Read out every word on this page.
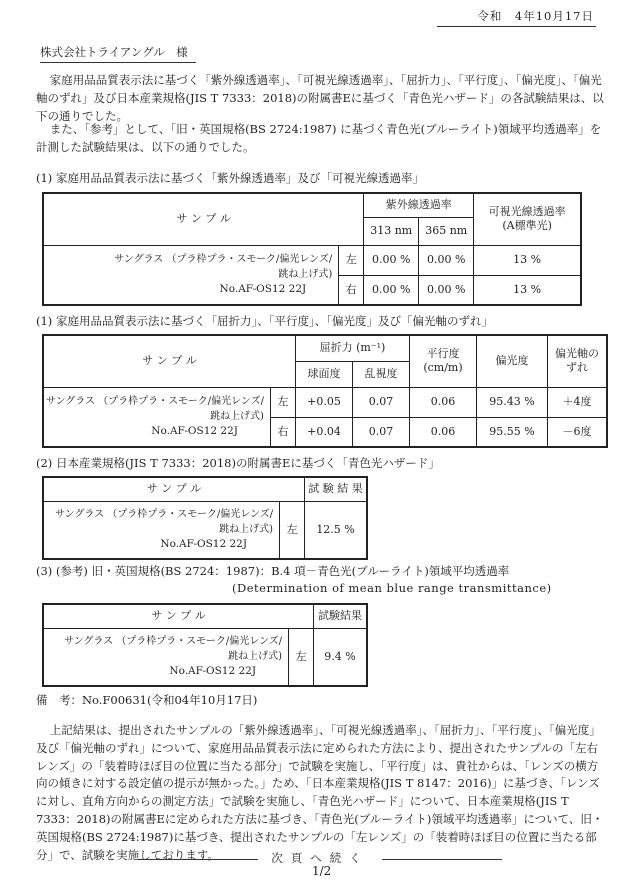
令和　4年10月17日
株式会社トライアングル　様
家庭用品品質表示法に基づく「紫外線透過率」、「可視光線透過率」、「屈折力」、「平行度」、「偏光度」、「偏光軸のずれ」及び日本産業規格(JIS T 7333：2018)の附属書Eに基づく「青色光ハザード」の各試験結果は、以下の通りでした。
また、「参考」として、「旧・英国規格(BS 2724:1987) に基づく青色光(ブルーライト)領域平均透過率」を計測した試験結果は、以下の通りでした。
(1) 家庭用品品質表示法に基づく「紫外線透過率」及び「可視光線透過率」
サ ン プ ル		紫外線透過率		可視光線透過率
(A標準光)

		313 nm	365 nm	

サングラス （プラ枠プラ・スモーク/偏光レンズ/
跳ね上げ式)
No.AF-OS12 22J	左	0.00 %	0.00 %	13 %
	右	0.00 %	0.00 %	13 %
(1) 家庭用品品質表示法に基づく「屈折力」、「平行度」、「偏光度」及び「偏光軸のずれ」
サ ン プ ル		屈折力 (m⁻¹)		平行度
(cm/m)	偏光度	偏光軸のずれ
		球面度	乱視度			

サングラス （プラ枠プラ・スモーク/偏光レンズ/
跳ね上げ式)
No.AF-OS12 22J	左	+0.05	0.07	0.06	95.43 %	＋4度
	右	+0.04	0.07	0.06	95.55 %	－6度
(2) 日本産業規格(JIS T 7333：2018)の附属書Eに基づく「青色光ハザード」
サ ン プ ル		試 験 結 果

サングラス （プラ枠プラ・スモーク/偏光レンズ/
跳ね上げ式)
No.AF-OS12 22J	左	12.5 %
(3) (参考) 旧・英国規格(BS 2724：1987)：B.4 項－青色光(ブルーライト)領域平均透過率
(Determination of mean blue range transmittance)
サ ン プ ル		試験結果

サングラス （プラ枠プラ・スモーク/偏光レンズ/
跳ね上げ式)
No.AF-OS12 22J	左	9.4 %
備　考：No.F00631(令和04年10月17日)
上記結果は、提出されたサンプルの「紫外線透過率」、「可視光線透過率」、「屈折力」、「平行度」、「偏光度」及び「偏光軸のずれ」について、家庭用品品質表示法に定められた方法により、提出されたサンプルの「左右レンズ」の「装着時ほぼ目の位置に当たる部分」で試験を実施し、「平行度」は、貴社からは、「レンズの横方向の傾きに対する設定値の提示が無かった。」ため、「日本産業規格(JIS T 8147：2016)」に基づき、「レンズに対し、直角方向からの測定方法」で試験を実施し、「青色光ハザード」について、日本産業規格(JIS T 7333：2018)の附属書Eに定められた方法に基づき、「青色光(ブルーライト)領域平均透過率」について、旧・英国規格(BS 2724:1987)に基づき、提出されたサンプルの「左レンズ」の「装着時ほぼ目の位置に当たる部分」で、試験を実施しております。	次頁へ続く
1/2
